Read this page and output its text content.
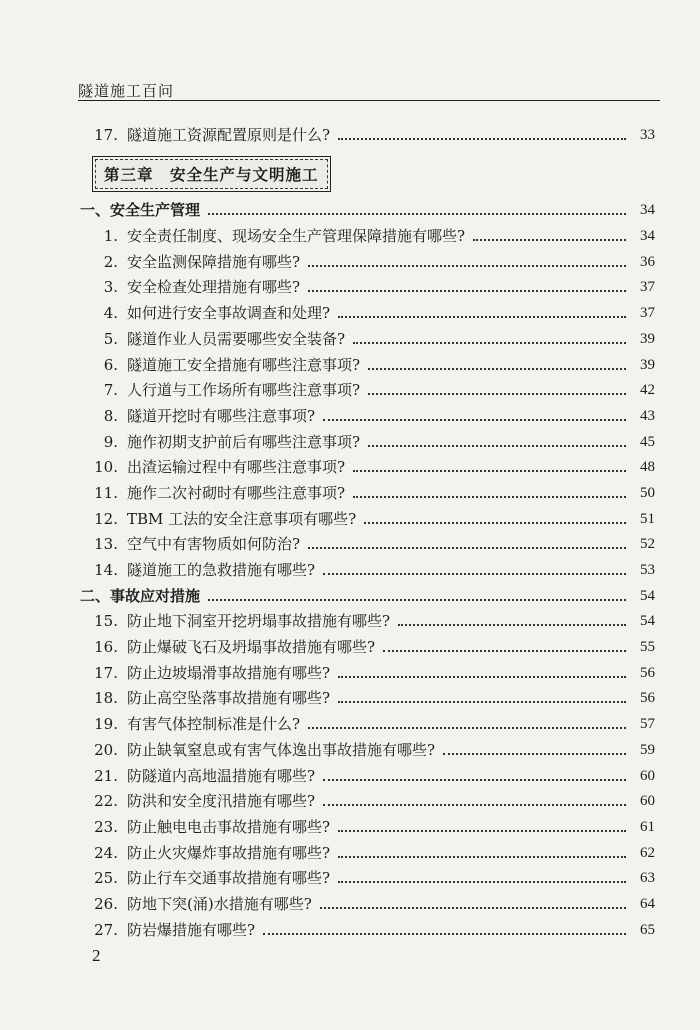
隧道施工百问
17. 隧道施工资源配置原则是什么?	33
第三章　安全生产与文明施工
一、安全生产管理	34
1. 安全责任制度、现场安全生产管理保障措施有哪些?	34
2. 安全监测保障措施有哪些?	36
3. 安全检查处理措施有哪些?	37
4. 如何进行安全事故调查和处理?	37
5. 隧道作业人员需要哪些安全装备?	39
6. 隧道施工安全措施有哪些注意事项?	39
7. 人行道与工作场所有哪些注意事项?	42
8. 隧道开挖时有哪些注意事项?	43
9. 施作初期支护前后有哪些注意事项?	45
10. 出渣运输过程中有哪些注意事项?	48
11. 施作二次衬砌时有哪些注意事项?	50
12. TBM 工法的安全注意事项有哪些?	51
13. 空气中有害物质如何防治?	52
14. 隧道施工的急救措施有哪些?	53
二、事故应对措施	54
15. 防止地下洞室开挖坍塌事故措施有哪些?	54
16. 防止爆破飞石及坍塌事故措施有哪些?	55
17. 防止边坡塌滑事故措施有哪些?	56
18. 防止高空坠落事故措施有哪些?	56
19. 有害气体控制标准是什么?	57
20. 防止缺氧窒息或有害气体逸出事故措施有哪些?	59
21. 防隧道内高地温措施有哪些?	60
22. 防洪和安全度汛措施有哪些?	60
23. 防止触电电击事故措施有哪些?	61
24. 防止火灾爆炸事故措施有哪些?	62
25. 防止行车交通事故措施有哪些?	63
26. 防地下突(涌)水措施有哪些?	64
27. 防岩爆措施有哪些?	65
2
